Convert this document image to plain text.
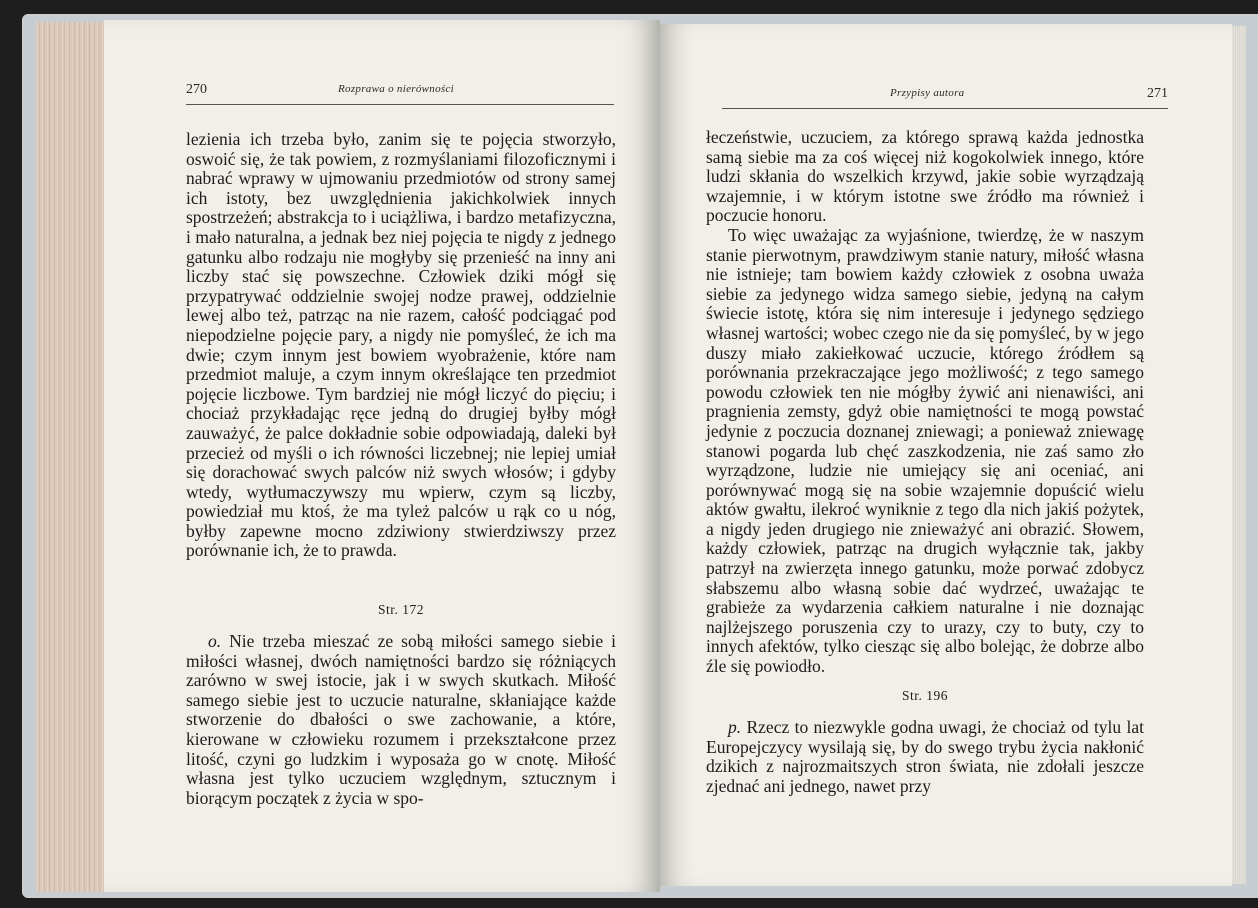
270	Rozprawa o nierówności

lezienia ich trzeba było, zanim się te pojęcia stworzyło, oswoić się, że tak powiem, z rozmyślaniami filozoficznymi i nabrać wprawy w ujmowaniu przedmiotów od strony samej ich istoty, bez uwzględnienia jakichkolwiek innych spostrzeżeń; abstrakcja to i uciążliwa, i bardzo metafizyczna, i mało naturalna, a jednak bez niej pojęcia te nigdy z jednego gatunku albo rodzaju nie mogłyby się przenieść na inny ani liczby stać się powszechne. Człowiek dziki mógł się przypatrywać oddzielnie swojej nodze prawej, oddzielnie lewej albo też, patrząc na nie razem, całość podciągać pod niepodzielne pojęcie pary, a nigdy nie pomyśleć, że ich ma dwie; czym innym jest bowiem wyobrażenie, które nam przedmiot maluje, a czym innym określające ten przedmiot pojęcie liczbowe. Tym bardziej nie mógł liczyć do pięciu; i chociaż przykładając ręce jedną do drugiej byłby mógł zauważyć, że palce dokładnie sobie odpowiadają, daleki był przecież od myśli o ich równości liczebnej; nie lepiej umiał się dorachować swych palców niż swych włosów; i gdyby wtedy, wytłumaczywszy mu wpierw, czym są liczby, powiedział mu ktoś, że ma tyleż palców u rąk co u nóg, byłby zapewne mocno zdziwiony stwierdziwszy przez porównanie ich, że to prawda.

Str. 172

o. Nie trzeba mieszać ze sobą miłości samego siebie i miłości własnej, dwóch namiętności bardzo się różniących zarówno w swej istocie, jak i w swych skutkach. Miłość samego siebie jest to uczucie naturalne, skłaniające każde stworzenie do dbałości o swe zachowanie, a które, kierowane w człowieku rozumem i przekształcone przez litość, czyni go ludzkim i wyposaża go w cnotę. Miłość własna jest tylko uczuciem względnym, sztucznym i biorącym początek z życia w spo-

Przypisy autora	271

łeczeństwie, uczuciem, za którego sprawą każda jednostka samą siebie ma za coś więcej niż kogokolwiek innego, które ludzi skłania do wszelkich krzywd, jakie sobie wyrządzają wzajemnie, i w którym istotne swe źródło ma również i poczucie honoru.

To więc uważając za wyjaśnione, twierdzę, że w naszym stanie pierwotnym, prawdziwym stanie natury, miłość własna nie istnieje; tam bowiem każdy człowiek z osobna uważa siebie za jedynego widza samego siebie, jedyną na całym świecie istotę, która się nim interesuje i jedynego sędziego własnej wartości; wobec czego nie da się pomyśleć, by w jego duszy miało zakiełkować uczucie, którego źródłem są porównania przekraczające jego możliwość; z tego samego powodu człowiek ten nie mógłby żywić ani nienawiści, ani pragnienia zemsty, gdyż obie namiętności te mogą powstać jedynie z poczucia doznanej zniewagi; a ponieważ zniewagę stanowi pogarda lub chęć zaszkodzenia, nie zaś samo zło wyrządzone, ludzie nie umiejący się ani oceniać, ani porównywać mogą się na sobie wzajemnie dopuścić wielu aktów gwałtu, ilekroć wyniknie z tego dla nich jakiś pożytek, a nigdy jeden drugiego nie znieważyć ani obrazić. Słowem, każdy człowiek, patrząc na drugich wyłącznie tak, jakby patrzył na zwierzęta innego gatunku, może porwać zdobycz słabszemu albo własną sobie dać wydrzeć, uważając te grabieże za wydarzenia całkiem naturalne i nie doznając najlżejszego poruszenia czy to urazy, czy to buty, czy to innych afektów, tylko ciesząc się albo bolejąc, że dobrze albo źle się powiodło.

Str. 196

p. Rzecz to niezwykle godna uwagi, że chociaż od tylu lat Europejczycy wysilają się, by do swego trybu życia nakłonić dzikich z najrozmaitszych stron świata, nie zdołali jeszcze zjednać ani jednego, nawet przy
